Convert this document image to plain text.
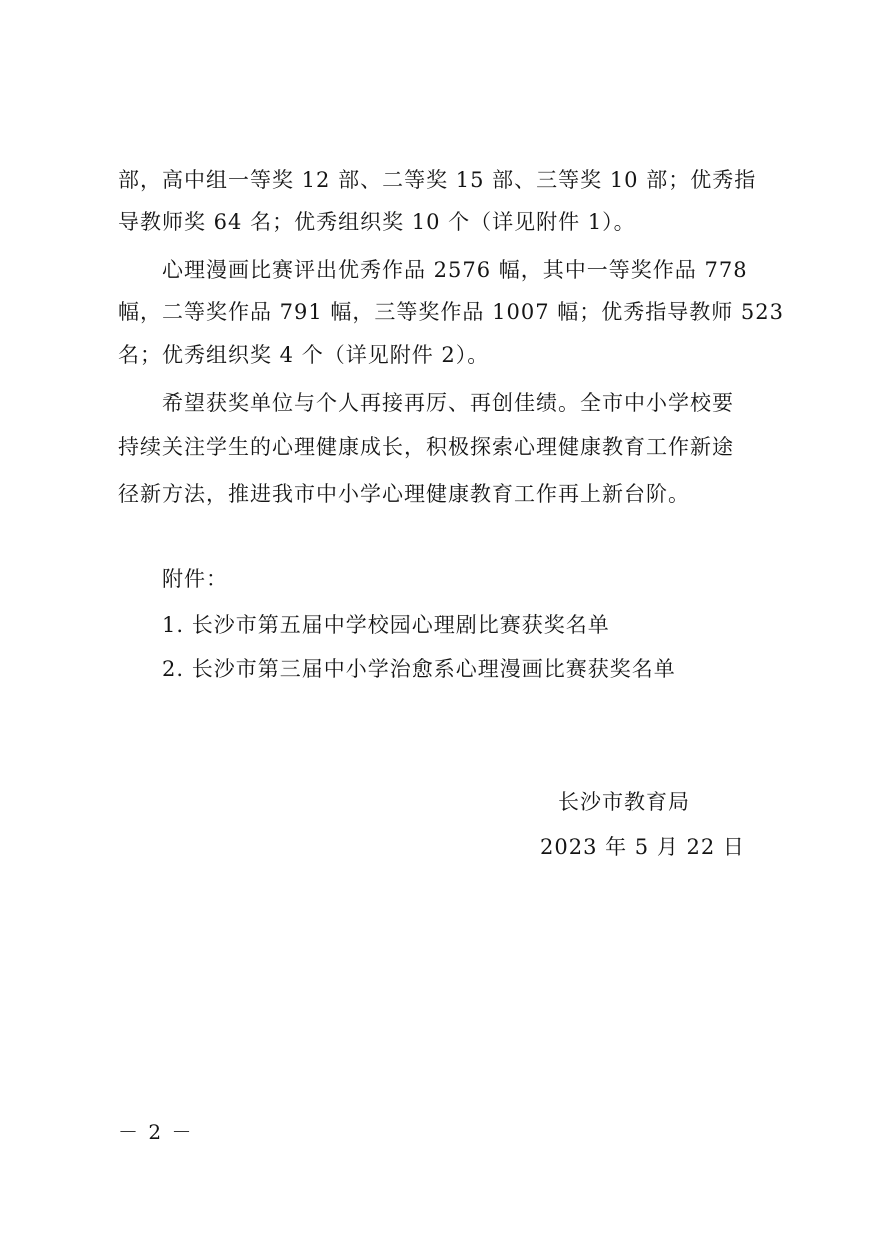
部，高中组一等奖 12 部、二等奖 15 部、三等奖 10 部；优秀指
导教师奖 64 名；优秀组织奖 10 个（详见附件 1）。
心理漫画比赛评出优秀作品 2576 幅，其中一等奖作品 778
幅，二等奖作品 791 幅，三等奖作品 1007 幅；优秀指导教师 523
名；优秀组织奖 4 个（详见附件 2）。
希望获奖单位与个人再接再厉、再创佳绩。全市中小学校要
持续关注学生的心理健康成长，积极探索心理健康教育工作新途
径新方法，推进我市中小学心理健康教育工作再上新台阶。
附件：
1. 长沙市第五届中学校园心理剧比赛获奖名单
2. 长沙市第三届中小学治愈系心理漫画比赛获奖名单
长沙市教育局
2023 年 5 月 22 日
－ 2 －
